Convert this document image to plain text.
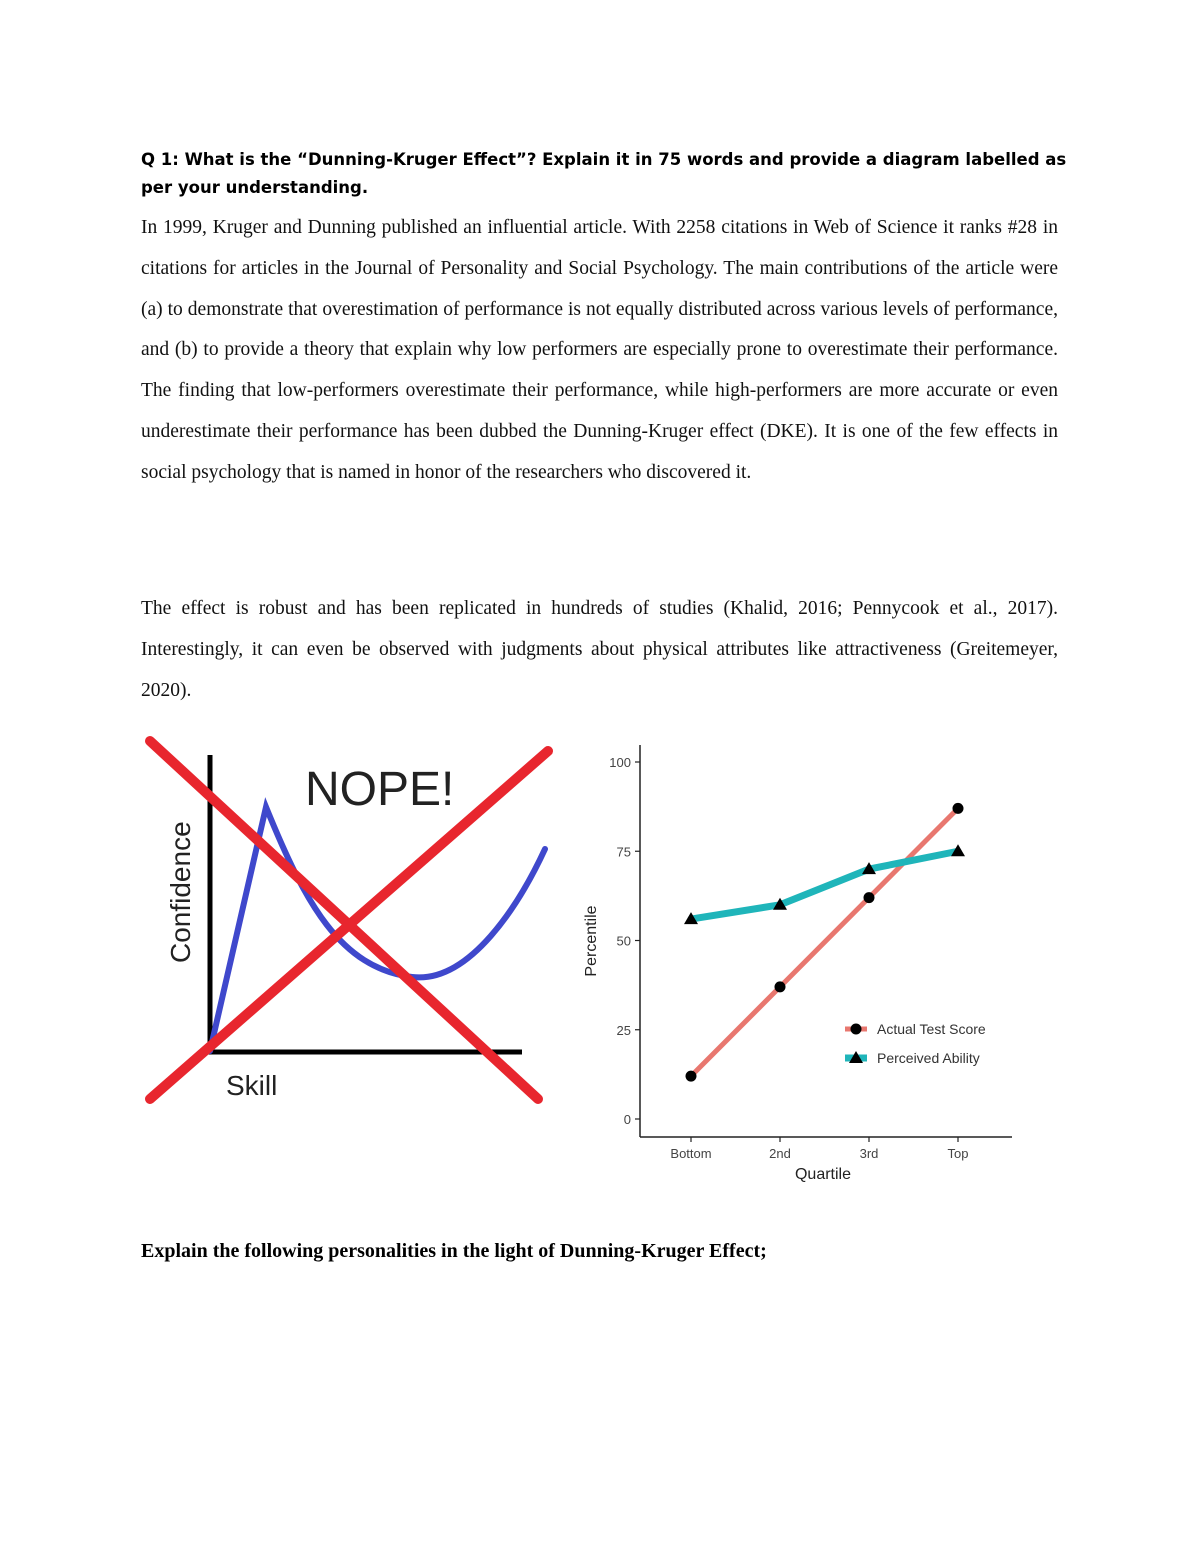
Q 1: What is the “Dunning-Kruger Effect”? Explain it in 75 words and provide a diagram labelled as per your understanding.

In 1999, Kruger and Dunning published an influential article. With 2258 citations in Web of Science it ranks #28 in citations for articles in the Journal of Personality and Social Psychology. The main contributions of the article were (a) to demonstrate that overestimation of performance is not equally distributed across various levels of performance, and (b) to provide a theory that explain why low performers are especially prone to overestimate their performance. The finding that low-performers overestimate their performance, while high-performers are more accurate or even underestimate their performance has been dubbed the Dunning-Kruger effect (DKE). It is one of the few effects in social psychology that is named in honor of the researchers who discovered it.

The effect is robust and has been replicated in hundreds of studies (Khalid, 2016; Pennycook et al., 2017). Interestingly, it can even be observed with judgments about physical attributes like attractiveness (Greitemeyer, 2020).

NOPE!
Confidence
Skill
0
25
50
75
100
Bottom	2nd	3rd	Top
Quartile
Percentile
Actual Test Score
Perceived Ability

Explain the following personalities in the light of Dunning-Kruger Effect;
